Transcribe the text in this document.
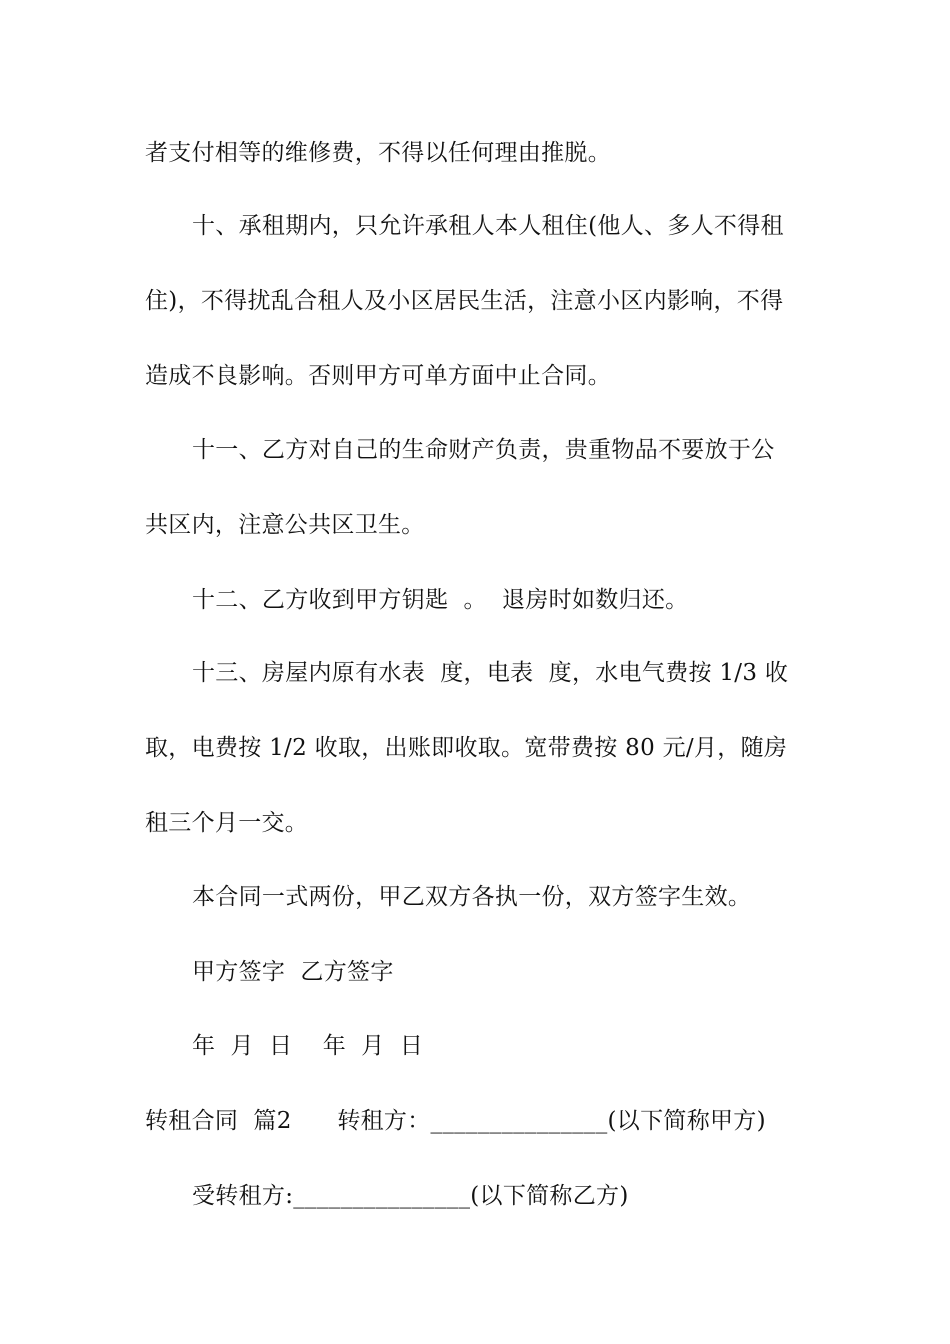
者支付相等的维修费，不得以任何理由推脱。
十、承租期内，只允许承租人本人租住(他人、多人不得租
住)，不得扰乱合租人及小区居民生活，注意小区内影响，不得
造成不良影响。否则甲方可单方面中止合同。
十一、乙方对自己的生命财产负责，贵重物品不要放于公
共区内，注意公共区卫生。
十二、乙方收到甲方钥匙  。  退房时如数归还。
十三、房屋内原有水表  度，电表  度，水电气费按 1/3 收
取，电费按 1/2 收取，出账即收取。宽带费按 80 元/月，随房
租三个月一交。
本合同一式两份，甲乙双方各执一份，双方签字生效。
甲方签字  乙方签字
年  月  日    年  月  日
转租合同  篇2      转租方：_______________(以下简称甲方)
受转租方:_______________(以下简称乙方)
